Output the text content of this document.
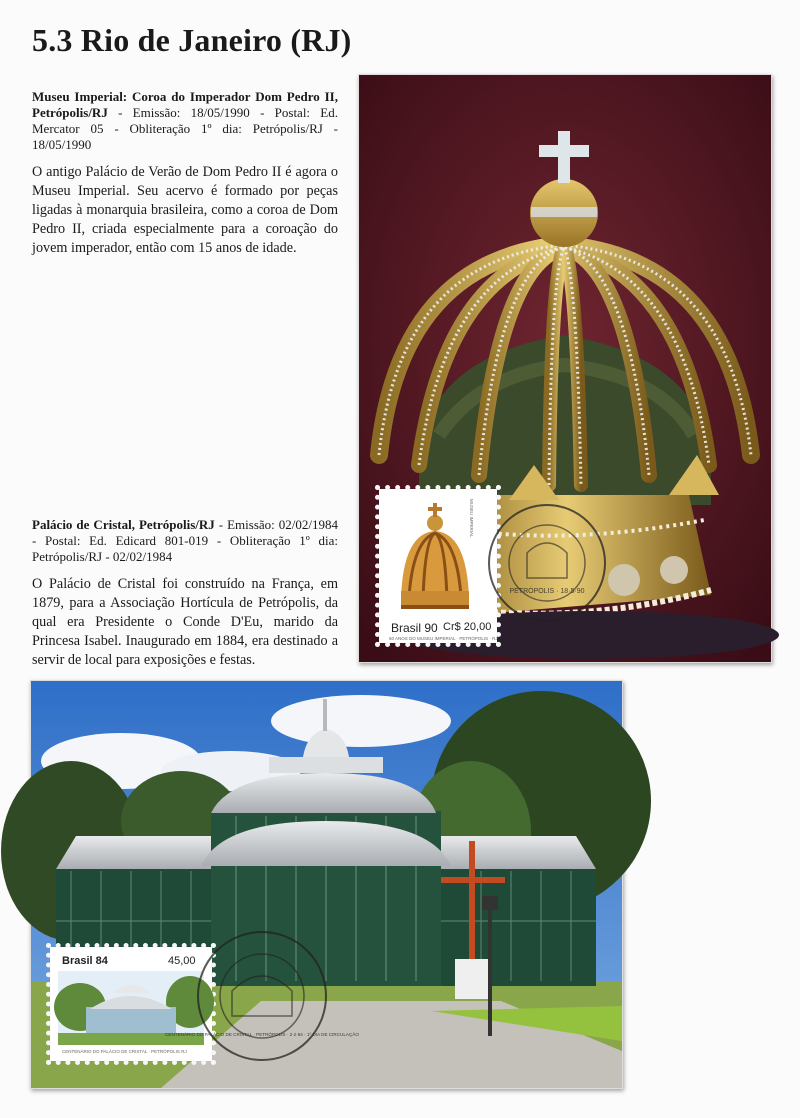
5.3 Rio de Janeiro (RJ)

Museu Imperial: Coroa do Imperador Dom Pedro II, Petrópolis/RJ - Emissão: 18/05/1990 - Postal: Ed. Mercator 05 - Obliteração 1º dia: Petrópolis/RJ - 18/05/1990

O antigo Palácio de Verão de Dom Pedro II é agora o Museu Imperial. Seu acervo é formado por peças ligadas à monarquia brasileira, como a coroa de Dom Pedro II, criada especialmente para a coroação do jovem imperador, então com 15 anos de idade.

Palácio de Cristal, Petrópolis/RJ - Emissão: 02/02/1984 - Postal: Ed. Edicard 801-019 - Obliteração 1º dia: Petrópolis/RJ - 02/02/1984

O Palácio de Cristal foi construído na França, em 1879, para a Associação Hortícula de Petrópolis, da qual era Presidente o Conde D'Eu, marido da Princesa Isabel. Inaugurado em 1884, era destinado a servir de local para exposições e festas.

Brasil 90 Cr$ 20,00
MUSEU IMPERIAL
50 ANOS DO MUSEU IMPERIAL · PETRÓPOLIS · RJ
PETRÓPOLIS · 18·5·90
Brasil 84	45,00
CENTENÁRIO DO PALÁCIO DE CRISTAL · PETRÓPOLIS RJ
CENTENÁRIO DO PALÁCIO DE CRISTAL · PETRÓPOLIS · 2·2·84 · 1º DIA DE CIRCULAÇÃO
